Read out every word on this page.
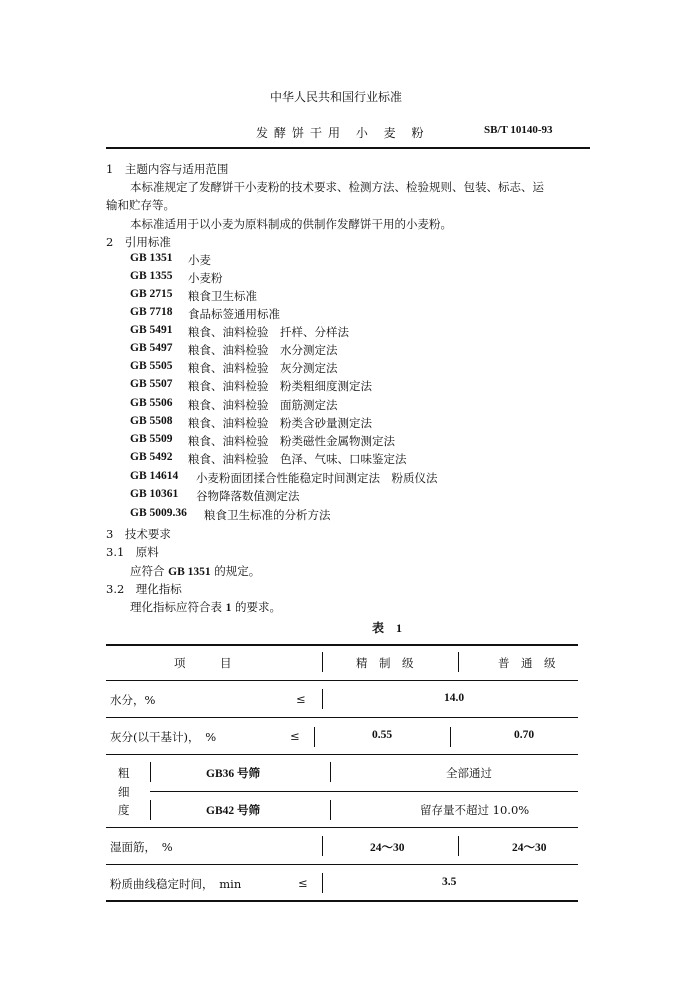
中华人民共和国行业标准
发酵饼干用 小 麦 粉	SB/T 10140-93
1　主题内容与适用范围
本标准规定了发酵饼干小麦粉的技术要求、检测方法、检验规则、包装、标志、运
输和贮存等。
本标准适用于以小麦为原料制成的供制作发酵饼干用的小麦粉。
2　引用标准
GB 1351 小麦
GB 1355 小麦粉
GB 2715 粮食卫生标准
GB 7718 食品标签通用标准
GB 5491 粮食、油料检验　扦样、分样法
GB 5497 粮食、油料检验　水分测定法
GB 5505 粮食、油料检验　灰分测定法
GB 5507 粮食、油料检验　粉类粗细度测定法
GB 5506 粮食、油料检验　面筋测定法
GB 5508 粮食、油料检验　粉类含砂量测定法
GB 5509 粮食、油料检验　粉类磁性金属物测定法
GB 5492 粮食、油料检验　色泽、气味、口味鉴定法
GB 14614 小麦粉面团揉合性能稳定时间测定法　粉质仪法
GB 10361 谷物降落数值测定法
GB 5009.36 粮食卫生标准的分析方法
3　技术要求
3.1　原料
应符合 GB 1351 的规定。
3.2　理化指标
理化指标应符合表 1 的要求。
表　1
项　　　目	精　制　级	普　通　级
水分，%	≤	14.0
灰分(以干基计)，　%	≤	0.55	0.70
粗
细
度
GB36 号筛	全部通过
GB42 号筛	留存量不超过 10.0%
湿面筋，　%	24～30	24～30
粉质曲线稳定时间，　min	≤	3.5
